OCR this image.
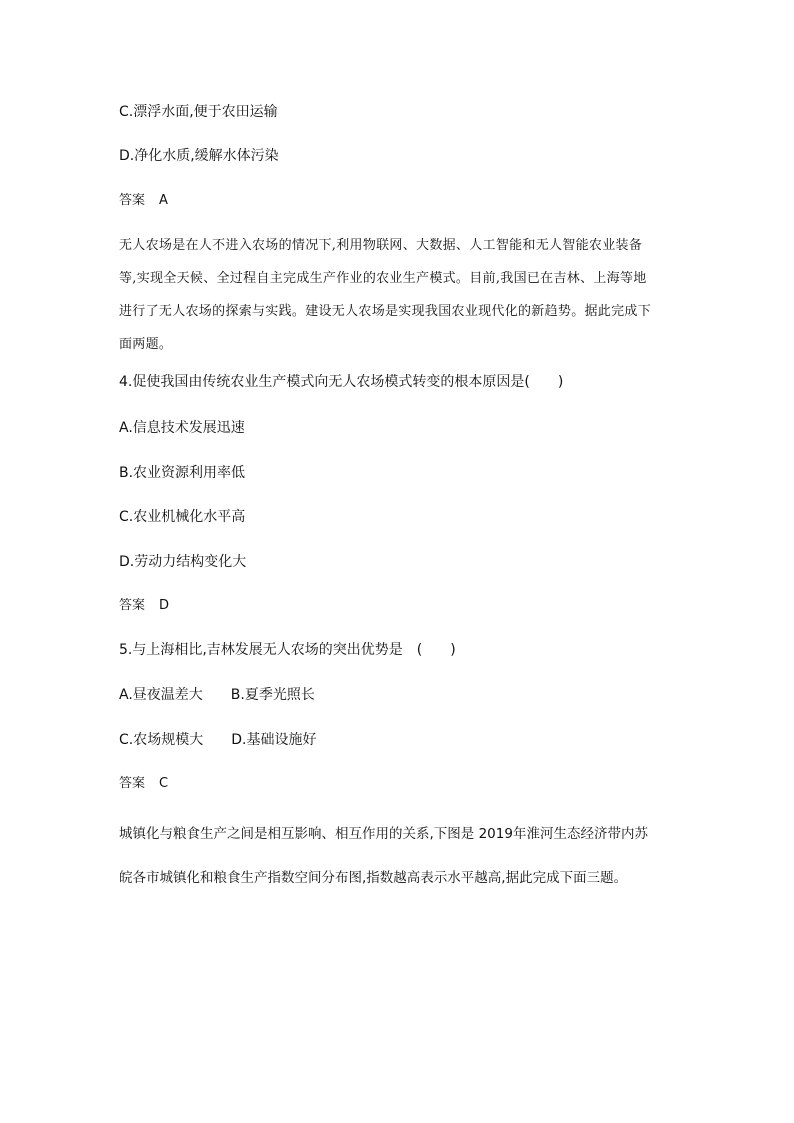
C.漂浮水面,便于农田运输
D.净化水质,缓解水体污染
答案 A
无人农场是在人不进入农场的情况下,利用物联网、大数据、人工智能和无人智能农业装备
等,实现全天候、全过程自主完成生产作业的农业生产模式。目前,我国已在吉林、上海等地
进行了无人农场的探索与实践。建设无人农场是实现我国农业现代化的新趋势。据此完成下
面两题。
4.促使我国由传统农业生产模式向无人农场模式转变的根本原因是(　　)
A.信息技术发展迅速
B.农业资源利用率低
C.农业机械化水平高
D.劳动力结构变化大
答案 D
5.与上海相比,吉林发展无人农场的突出优势是　(　　)
A.昼夜温差大　　B.夏季光照长
C.农场规模大　　D.基础设施好
答案 C
城镇化与粮食生产之间是相互影响、相互作用的关系,下图是 2019年淮河生态经济带内苏
皖各市城镇化和粮食生产指数空间分布图,指数越高表示水平越高,据此完成下面三题。
